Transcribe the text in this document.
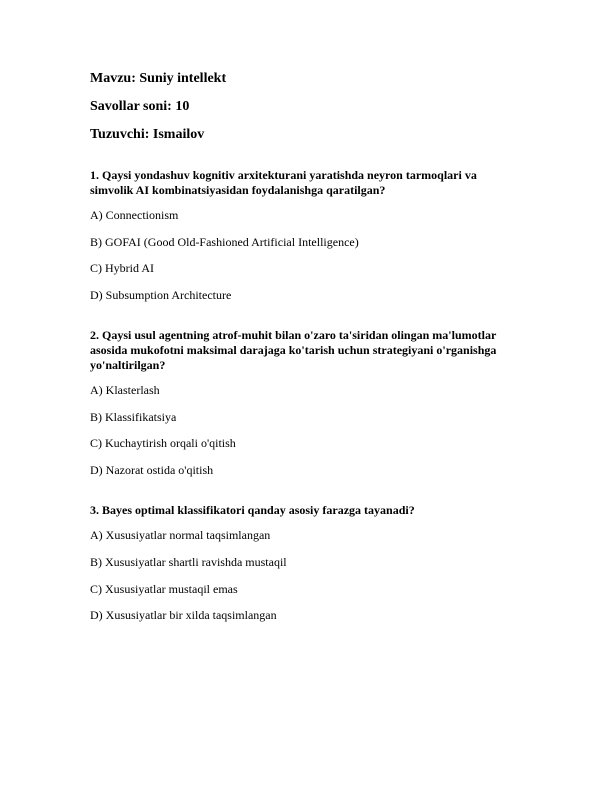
Mavzu: Suniy intellekt

Savollar soni: 10

Tuzuvchi: Ismailov

1. Qaysi yondashuv kognitiv arxitekturani yaratishda neyron tarmoqlari va simvolik AI kombinatsiyasidan foydalanishga qaratilgan?

A) Connectionism

B) GOFAI (Good Old-Fashioned Artificial Intelligence)

C) Hybrid AI

D) Subsumption Architecture

2. Qaysi usul agentning atrof-muhit bilan o'zaro ta'siridan olingan ma'lumotlar asosida mukofotni maksimal darajaga ko'tarish uchun strategiyani o'rganishga yo'naltirilgan?

A) Klasterlash

B) Klassifikatsiya

C) Kuchaytirish orqali o'qitish

D) Nazorat ostida o'qitish

3. Bayes optimal klassifikatori qanday asosiy farazga tayanadi?

A) Xususiyatlar normal taqsimlangan

B) Xususiyatlar shartli ravishda mustaqil

C) Xususiyatlar mustaqil emas

D) Xususiyatlar bir xilda taqsimlangan
